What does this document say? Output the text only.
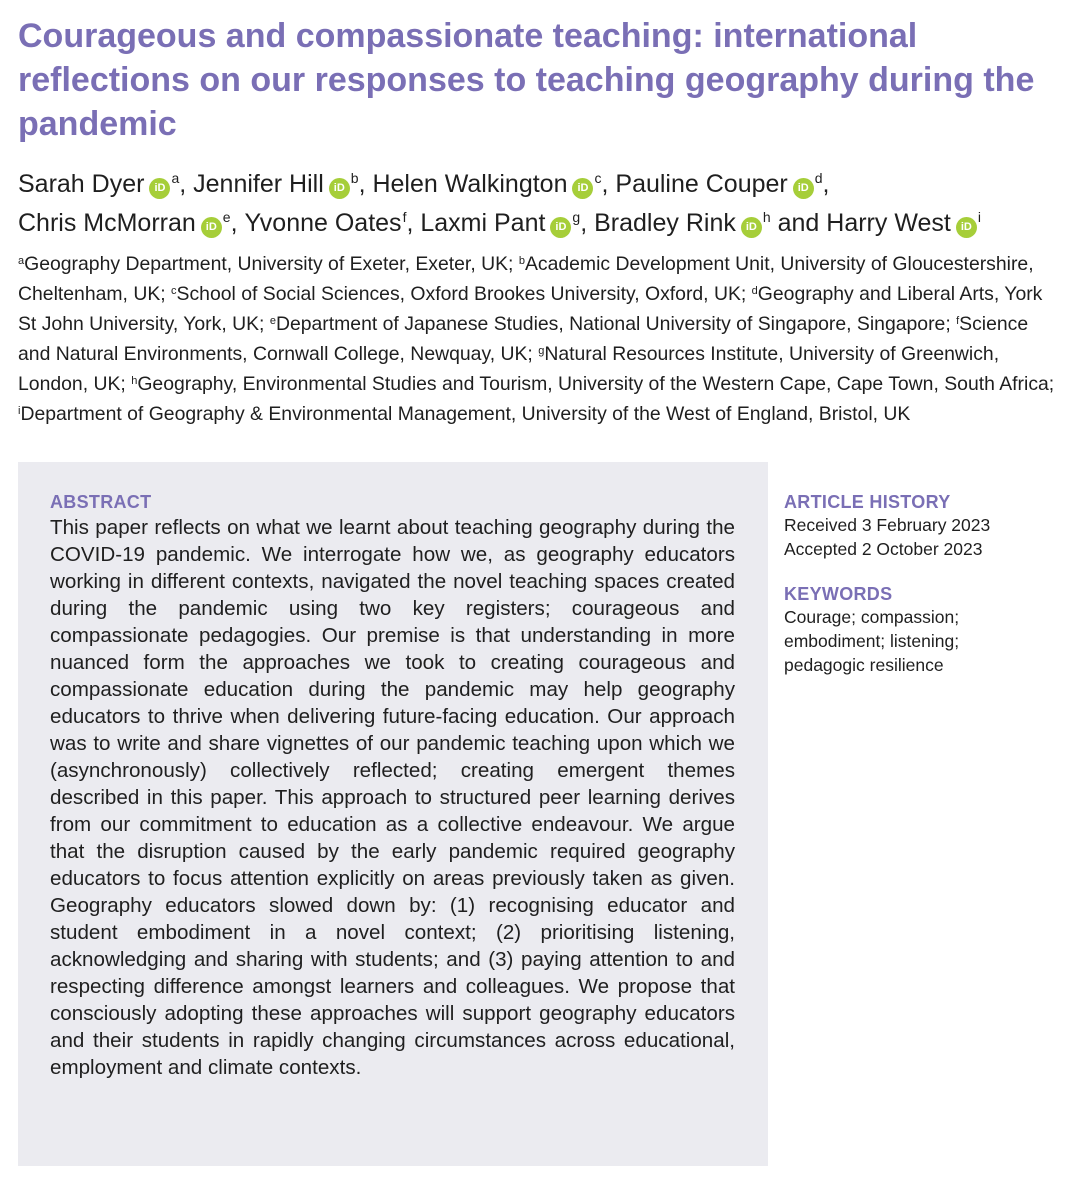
Courageous and compassionate teaching: international reflections on our responses to teaching geography during the pandemic
Sarah Dyer $iD^a$, Jennifer Hill $iD^b$, Helen Walkington $iD^c$, Pauline Couper $iD^d$,
Chris McMorran $iD^e$, Yvonne Oates$^f$, Laxmi Pant $iD^g$, Bradley Rink $iD^h$ and Harry West $iD^i$
$^a$Geography Department, University of Exeter, Exeter, UK; $^b$Academic Development Unit, University of Gloucestershire, Cheltenham, UK; $^c$School of Social Sciences, Oxford Brookes University, Oxford, UK; $^d$Geography and Liberal Arts, York St John University, York, UK; $^e$Department of Japanese Studies, National University of Singapore, Singapore; $^f$Science and Natural Environments, Cornwall College, Newquay, UK; $^g$Natural Resources Institute, University of Greenwich, London, UK; $^h$Geography, Environmental Studies and Tourism, University of the Western Cape, Cape Town, South Africa; $^i$Department of Geography & Environmental Management, University of the West of England, Bristol, UK
ABSTRACT
This paper reflects on what we learnt about teaching geography during the COVID-19 pandemic. We interrogate how we, as geography educators working in different contexts, navigated the novel teaching spaces created during the pandemic using two key registers; courageous and compassionate pedagogies. Our premise is that understanding in more nuanced form the approaches we took to creating courageous and compassionate education during the pandemic may help geography educators to thrive when delivering future-facing education. Our approach was to write and share vignettes of our pandemic teaching upon which we (asynchronously) collectively reflected; creating emergent themes described in this paper. This approach to structured peer learning derives from our commitment to education as a collective endeavour. We argue that the disruption caused by the early pandemic required geography educators to focus attention explicitly on areas previously taken as given. Geography educators slowed down by: (1) recognising educator and student embodiment in a novel context; (2) prioritising listening, acknowledging and sharing with students; and (3) paying attention to and respecting difference amongst learners and colleagues. We propose that consciously adopting these approaches will support geography educators and their students in rapidly changing circumstances across educational, employment and climate contexts.
ARTICLE HISTORY
Received 3 February 2023
Accepted 2 October 2023
KEYWORDS
Courage; compassion;
embodiment; listening;
pedagogic resilience
